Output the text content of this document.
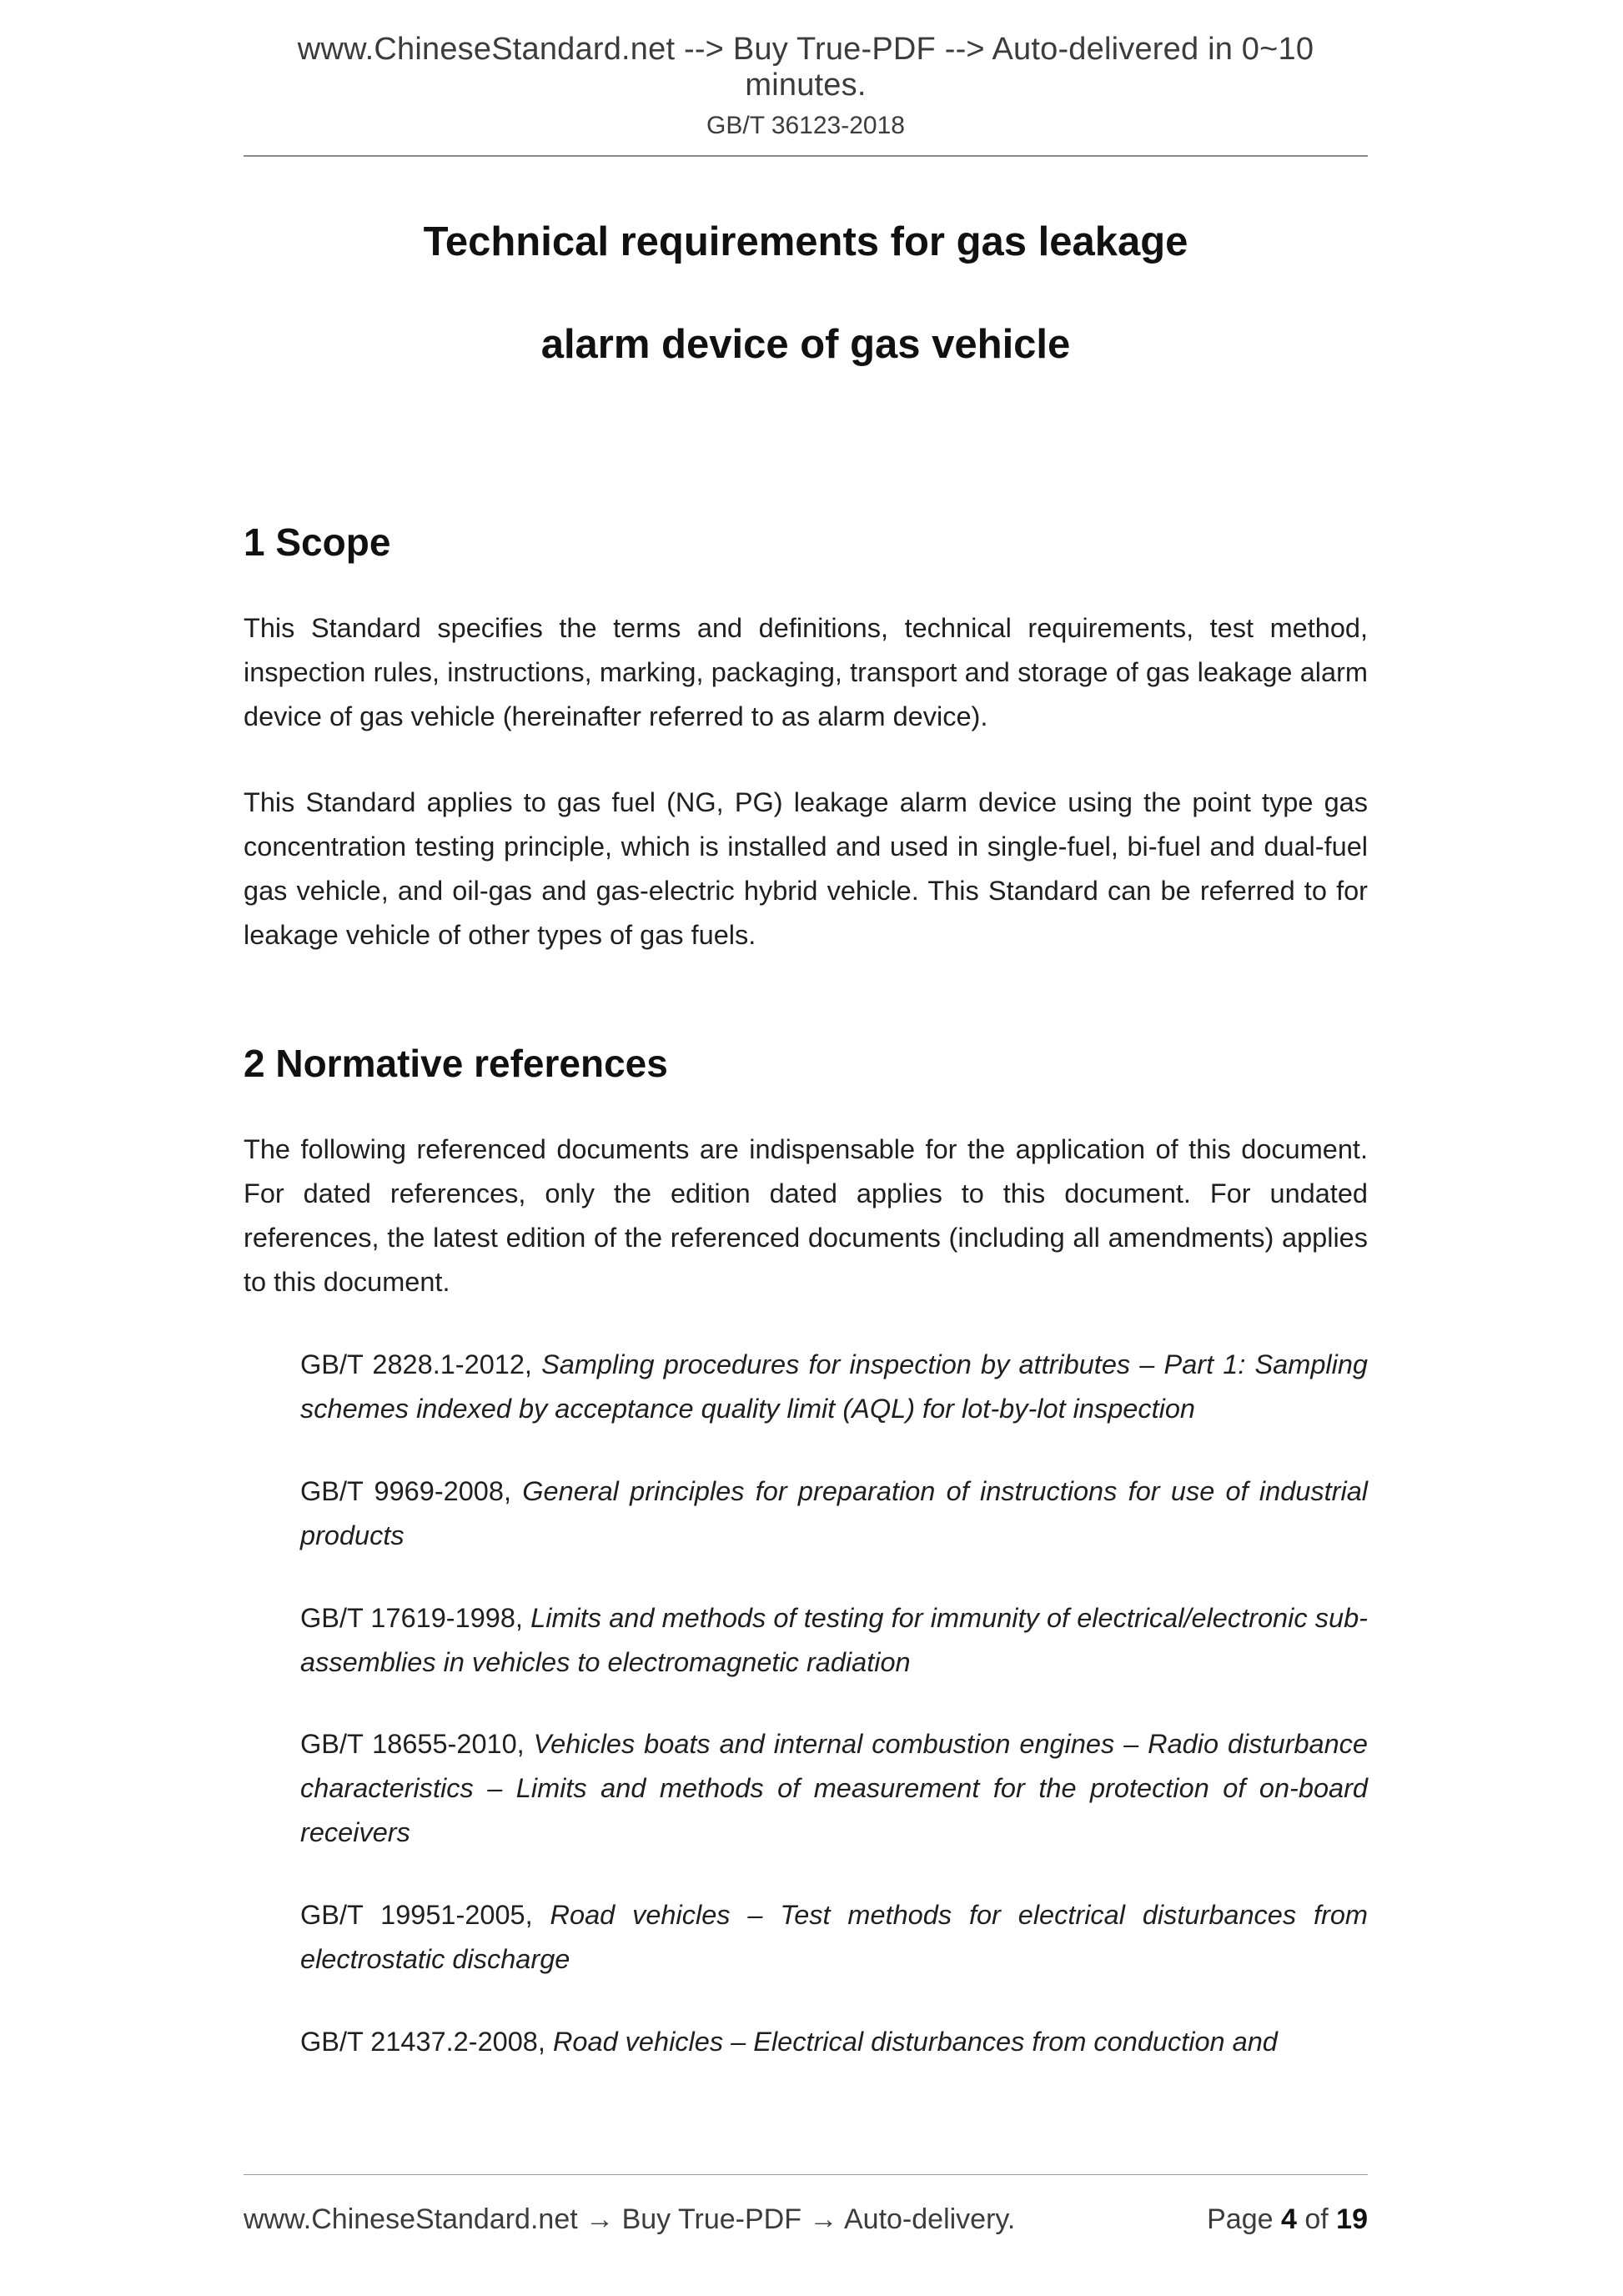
www.ChineseStandard.net --> Buy True-PDF --> Auto-delivered in 0~10 minutes.
GB/T 36123-2018
Technical requirements for gas leakage
alarm device of gas vehicle
1 Scope

This Standard specifies the terms and definitions, technical requirements, test method, inspection rules, instructions, marking, packaging, transport and storage of gas leakage alarm device of gas vehicle (hereinafter referred to as alarm device).

This Standard applies to gas fuel (NG, PG) leakage alarm device using the point type gas concentration testing principle, which is installed and used in single-fuel, bi-fuel and dual-fuel gas vehicle, and oil-gas and gas-electric hybrid vehicle. This Standard can be referred to for leakage vehicle of other types of gas fuels.

2 Normative references

The following referenced documents are indispensable for the application of this document. For dated references, only the edition dated applies to this document. For undated references, the latest edition of the referenced documents (including all amendments) applies to this document.

GB/T 2828.1-2012, Sampling procedures for inspection by attributes – Part 1: Sampling schemes indexed by acceptance quality limit (AQL) for lot-by-lot inspection

GB/T 9969-2008, General principles for preparation of instructions for use of industrial products

GB/T 17619-1998, Limits and methods of testing for immunity of electrical/electronic sub-assemblies in vehicles to electromagnetic radiation

GB/T 18655-2010, Vehicles boats and internal combustion engines – Radio disturbance characteristics – Limits and methods of measurement for the protection of on-board receivers

GB/T 19951-2005, Road vehicles – Test methods for electrical disturbances from electrostatic discharge

GB/T 21437.2-2008, Road vehicles – Electrical disturbances from conduction and

www.ChineseStandard.net → Buy True-PDF → Auto-delivery.	Page 4 of 19
